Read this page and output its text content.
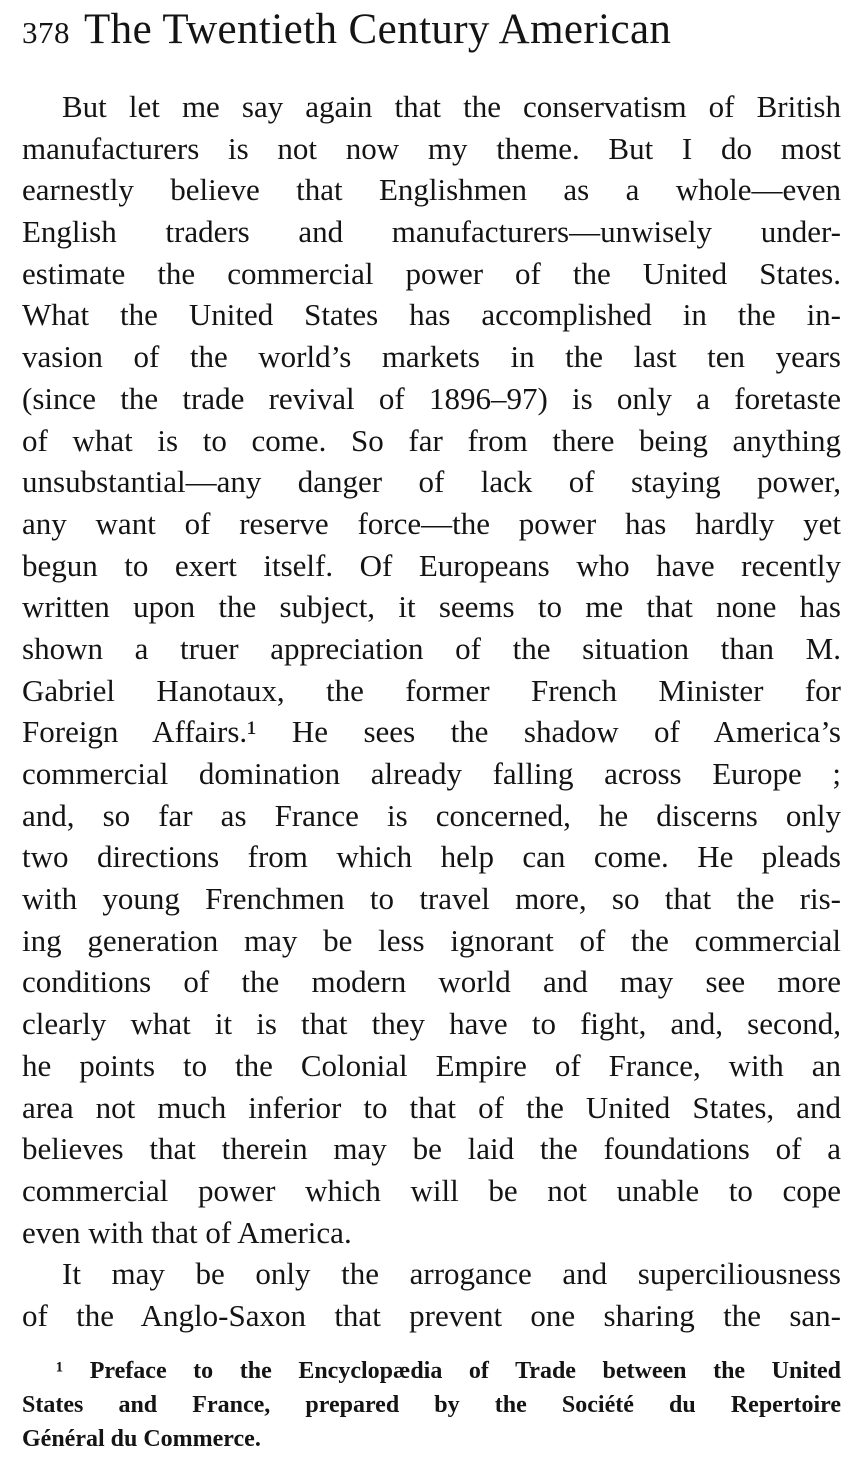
378 The Twentieth Century American
But let me say again that the conservatism of British
manufacturers is not now my theme. But I do most
earnestly believe that Englishmen as a whole—even
English traders and manufacturers—unwisely under-
estimate the commercial power of the United States.
What the United States has accomplished in the in-
vasion of the world’s markets in the last ten years
(since the trade revival of 1896–97) is only a foretaste
of what is to come. So far from there being anything
unsubstantial—any danger of lack of staying power,
any want of reserve force—the power has hardly yet
begun to exert itself. Of Europeans who have recently
written upon the subject, it seems to me that none has
shown a truer appreciation of the situation than M.
Gabriel Hanotaux, the former French Minister for
Foreign Affairs.¹ He sees the shadow of America’s
commercial domination already falling across Europe ;
and, so far as France is concerned, he discerns only
two directions from which help can come. He pleads
with young Frenchmen to travel more, so that the ris-
ing generation may be less ignorant of the commercial
conditions of the modern world and may see more
clearly what it is that they have to fight, and, second,
he points to the Colonial Empire of France, with an
area not much inferior to that of the United States, and
believes that therein may be laid the foundations of a
commercial power which will be not unable to cope
even with that of America.
It may be only the arrogance and superciliousness
of the Anglo-Saxon that prevent one sharing the san-
¹ Preface to the Encyclopædia of Trade between the United
States and France, prepared by the Société du Repertoire
Général du Commerce.
